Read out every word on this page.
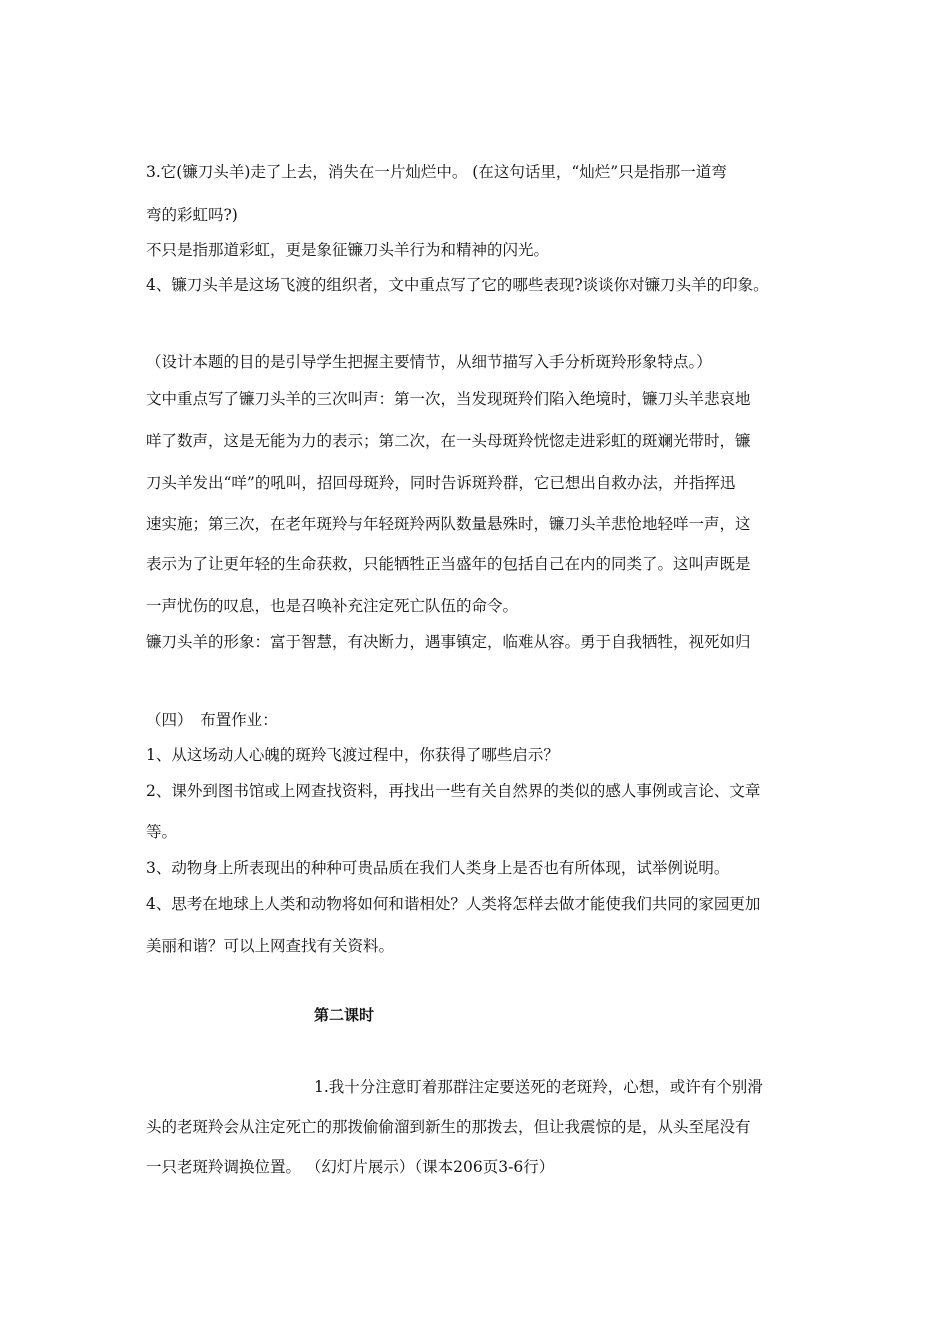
3.它(镰刀头羊)走了上去，消失在一片灿烂中。 (在这句话里，“灿烂”只是指那一道弯
弯的彩虹吗?)
不只是指那道彩虹，更是象征镰刀头羊行为和精神的闪光。
4、镰刀头羊是这场飞渡的组织者，文中重点写了它的哪些表现?谈谈你对镰刀头羊的印象。
（设计本题的目的是引导学生把握主要情节，从细节描写入手分析斑羚形象特点。）
文中重点写了镰刀头羊的三次叫声：第一次，当发现斑羚们陷入绝境时，镰刀头羊悲哀地
咩了数声，这是无能为力的表示；第二次，在一头母斑羚恍惚走进彩虹的斑斓光带时，镰
刀头羊发出“咩”的吼叫，招回母斑羚，同时告诉斑羚群，它已想出自救办法，并指挥迅
速实施；第三次，在老年斑羚与年轻斑羚两队数量悬殊时，镰刀头羊悲怆地轻咩一声，这
表示为了让更年轻的生命获救，只能牺牲正当盛年的包括自己在内的同类了。这叫声既是
一声忧伤的叹息，也是召唤补充注定死亡队伍的命令。
镰刀头羊的形象：富于智慧，有决断力，遇事镇定，临难从容。勇于自我牺牲，视死如归
（四）　布置作业：
1、从这场动人心魄的斑羚飞渡过程中，你获得了哪些启示？
2、课外到图书馆或上网查找资料，再找出一些有关自然界的类似的感人事例或言论、文章
等。
3、动物身上所表现出的种种可贵品质在我们人类身上是否也有所体现，试举例说明。
4、思考在地球上人类和动物将如何和谐相处？人类将怎样去做才能使我们共同的家园更加
美丽和谐？可以上网查找有关资料。
第二课时
1.我十分注意盯着那群注定要送死的老斑羚，心想，或许有个别滑
头的老斑羚会从注定死亡的那拨偷偷溜到新生的那拨去，但让我震惊的是，从头至尾没有
一只老斑羚调换位置。 （幻灯片展示）（课本206页3-6行）
